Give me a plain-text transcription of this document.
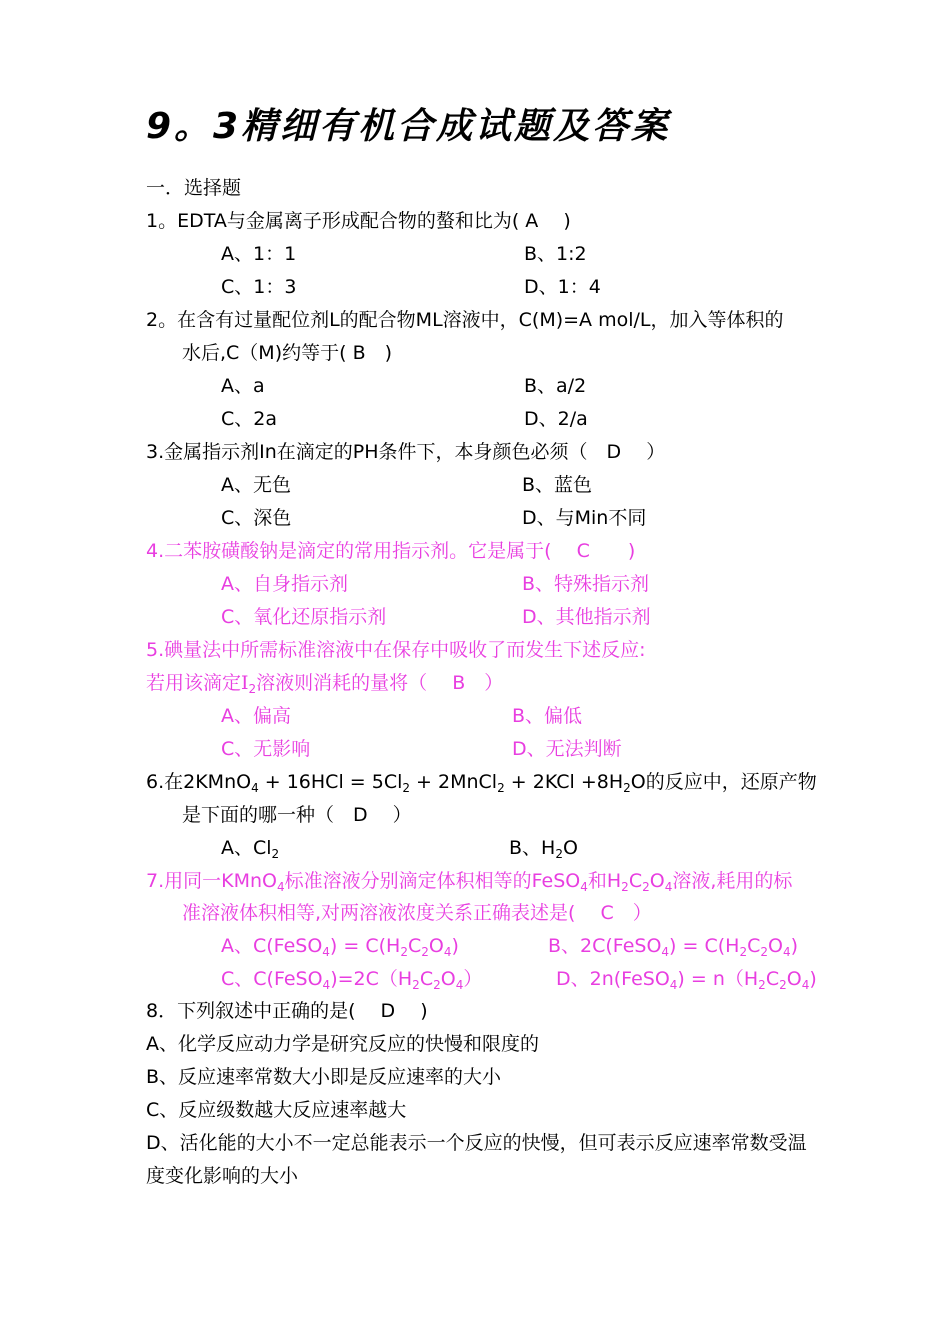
9。3精细有机合成试题及答案
一．选择题
1。EDTA与金属离子形成配合物的螯和比为( A　 )
A、1：1	B、1:2
C、1：3	D、1：4
2。在含有过量配位剂L的配合物ML溶液中，C(M)=A mol/L，加入等体积的
水后,C（M)约等于( B　)
A、a	B、a/2
C、2a	D、2/a
3.金属指示剂In在滴定的PH条件下，本身颜色必须（　D　 ）
A、无色	B、蓝色
C、深色	D、与Min不同
4.二苯胺磺酸钠是滴定的常用指示剂。它是属于(　 C　　)
A、自身指示剂	B、特殊指示剂
C、氧化还原指示剂	D、其他指示剂
5.碘量法中所需标准溶液中在保存中吸收了而发生下述反应:
若用该滴定$I_2$溶液则消耗的量将（　 B　）
A、偏高	B、偏低
C、无影响	D、无法判断
6.在2KMnO$_4$ + $16HCl = 5Cl_2$ + 2MnCl$_2$ + $2KCl +8H_2O$的反应中，还原产物
是下面的哪一种（　D　 ）
A、$Cl_2$	B、$H_2O$
7.用同一KMnO$_4$标准溶液分别滴定体积相等的FeSO$_4$和$H_2C_2O_4$溶液,耗用的标
准溶液体积相等,对两溶液浓度关系正确表述是(　 C　）
A、C(FeSO$_4$) = $C(H_2C_2O_4)$	B、2C(FeSO$_4$) = $C(H_2C_2O_4)$
C、$C(FeSO_4)=2C(H_2C_2O_4)$	D、2n(FeSO$_4$) = $n(H_2C_2O_4)$
8．下列叙述中正确的是(　 D　 )
A、化学反应动力学是研究反应的快慢和限度的
B、反应速率常数大小即是反应速率的大小
C、反应级数越大反应速率越大
D、活化能的大小不一定总能表示一个反应的快慢，但可表示反应速率常数受温
度变化影响的大小
